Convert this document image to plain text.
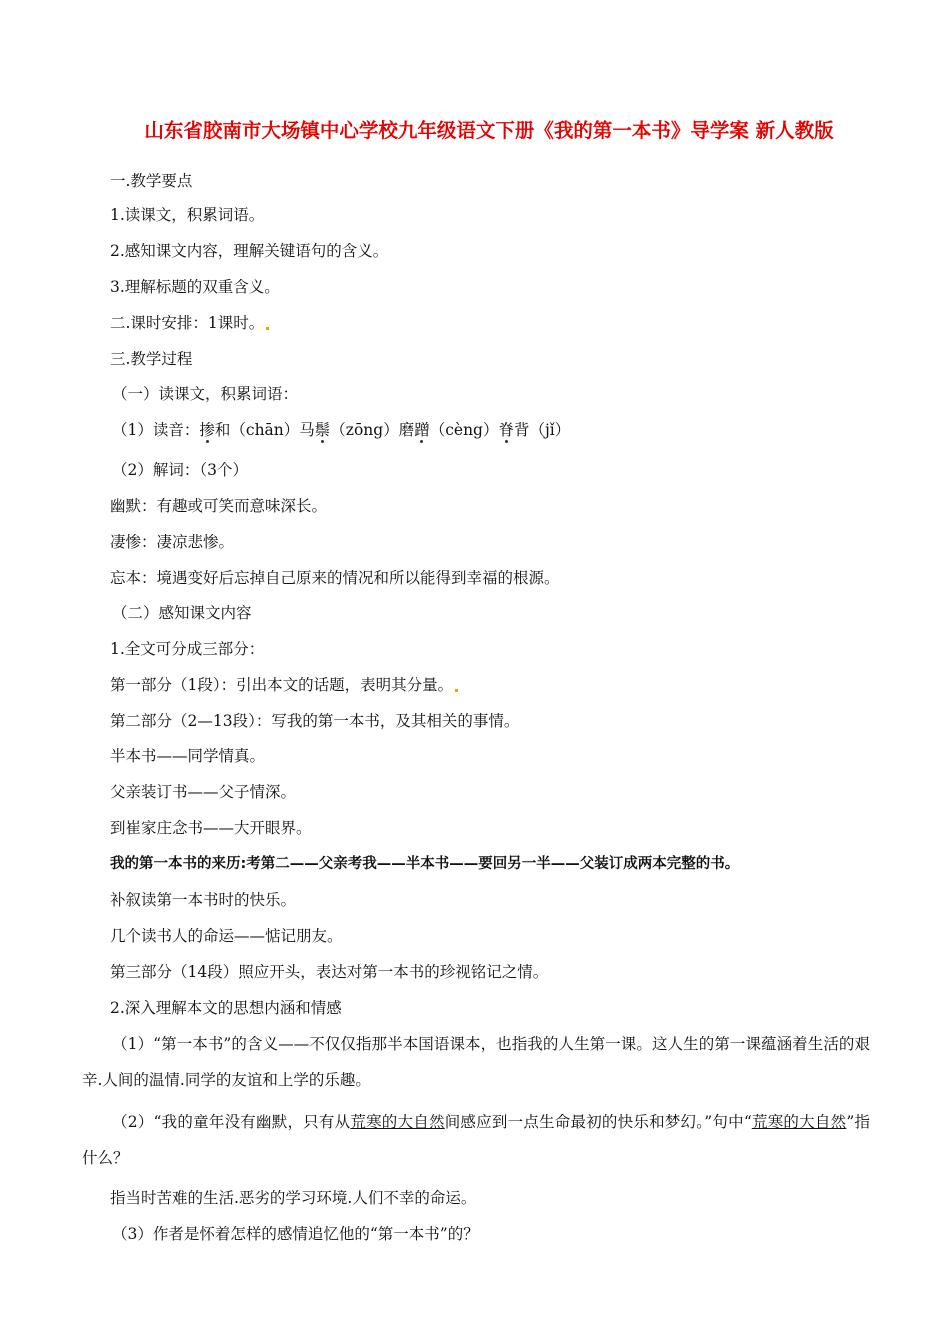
山东省胶南市大场镇中心学校九年级语文下册《我的第一本书》导学案 新人教版
一.教学要点
1.读课文，积累词语。
2.感知课文内容，理解关键语句的含义。
3.理解标题的双重含义。
二.课时安排：1课时。
三.教学过程
（一）读课文，积累词语：
（1）读音：掺和（chān）马鬃（zōng）磨蹭（cèng）脊背（jǐ）
（2）解词：（3个）
幽默：有趣或可笑而意味深长。
凄惨：凄凉悲惨。
忘本：境遇变好后忘掉自己原来的情况和所以能得到幸福的根源。
（二）感知课文内容
1.全文可分成三部分：
第一部分（1段）：引出本文的话题，表明其分量。
第二部分（2—13段）：写我的第一本书，及其相关的事情。
半本书——同学情真。
父亲装订书——父子情深。
到崔家庄念书——大开眼界。
我的第一本书的来历:考第二——父亲考我——半本书——要回另一半——父装订成两本完整的书。
补叙读第一本书时的快乐。
几个读书人的命运——惦记朋友。
第三部分（14段）照应开头，表达对第一本书的珍视铭记之情。
2.深入理解本文的思想内涵和情感
（1）“第一本书”的含义——不仅仅指那半本国语课本，也指我的人生第一课。这人生的第一课蕴涵着生活的艰辛.人间的温情.同学的友谊和上学的乐趣。
（2）“我的童年没有幽默，只有从荒寒的大自然间感应到一点生命最初的快乐和梦幻。”句中“荒寒的大自然”指什么？
指当时苦难的生活.恶劣的学习环境.人们不幸的命运。
（3）作者是怀着怎样的感情追忆他的“第一本书”的？
